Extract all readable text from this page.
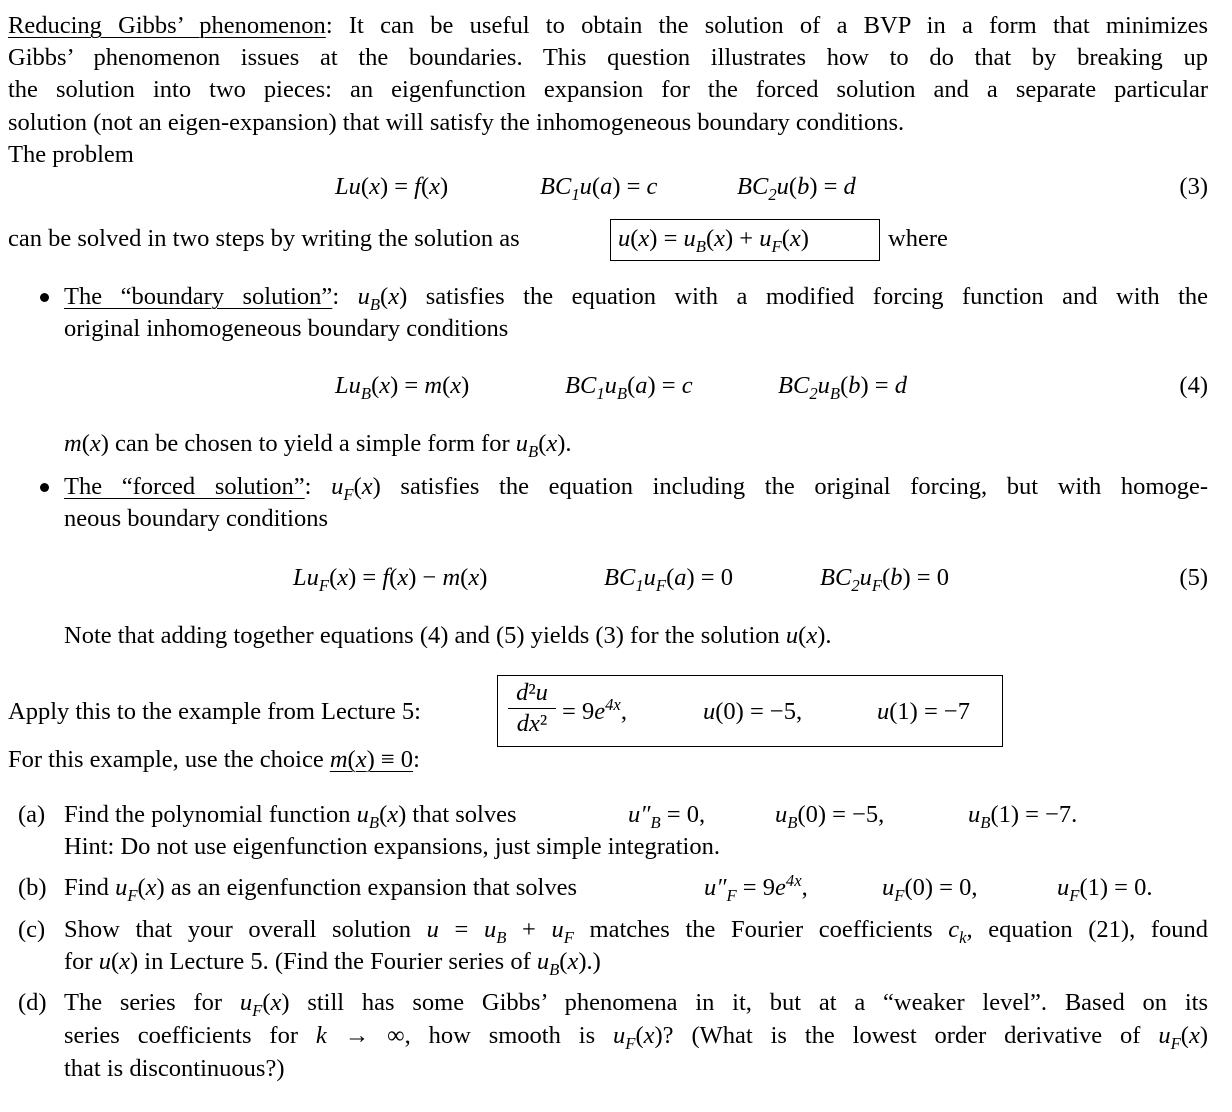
Reducing Gibbs’ phenomenon: It can be useful to obtain the solution of a BVP in a form that minimizes
Gibbs’ phenomenon issues at the boundaries. This question illustrates how to do that by breaking up
the solution into two pieces: an eigenfunction expansion for the forced solution and a separate particular
solution (not an eigen-expansion) that will satisfy the inhomogeneous boundary conditions.
The problem
Lu(x) = f(x)	$BC_1u(a) = c$	$BC_2u(b) = d$	(3)
can be solved in two steps by writing the solution as	$u(x) = u_B(x) + u_F(x)$	where
The “boundary solution”: $u_B(x)$ satisfies the equation with a modified forcing function and with the
original inhomogeneous boundary conditions
$Lu_B(x) = m(x)$	$BC_1u_B(a) = c$	$BC_2u_B(b) = d$	(4)
m(x) can be chosen to yield a simple form for $u_B(x)$.
The “forced solution”: $u_F(x)$ satisfies the equation including the original forcing, but with homoge-
neous boundary conditions
$Lu_F(x) = f(x) - m(x)$	$BC_1u_F(a) = 0$	$BC_2u_F(b) = 0$	(5)
Note that adding together equations (4) and (5) yields (3) for the solution u(x).
Apply this to the example from Lecture 5:
d²u
$dx^2 = 9e^{4x}$,	u(0) = −5,	u(1) = −7
For this example, use the choice m(x) ≡ 0:
(a) Find the polynomial function $u_B(x)$ that solves	$u''_B = 0$,	$u_B(0) = -5$,	$u_B(1) = -7$.
Hint: Do not use eigenfunction expansions, just simple integration.
(b) Find $u_F(x)$ as an eigenfunction expansion that solves	$u''_F = 9e^{4x}$,	$u_F(0) = 0$,	$u_F(1) = 0$.
(c) Show that your overall solution $u = u_B + u_F$ matches the Fourier coefficients $c_k$, equation (21), found
for u(x) in Lecture 5. (Find the Fourier series of $u_B(x)$.)
(d) The series for $u_F(x)$ still has some Gibbs’ phenomena in it, but at a “weaker level”. Based on its
series coefficients for k → ∞, how smooth is $u_F(x)$? (What is the lowest order derivative of $u_F(x)$
that is discontinuous?)
